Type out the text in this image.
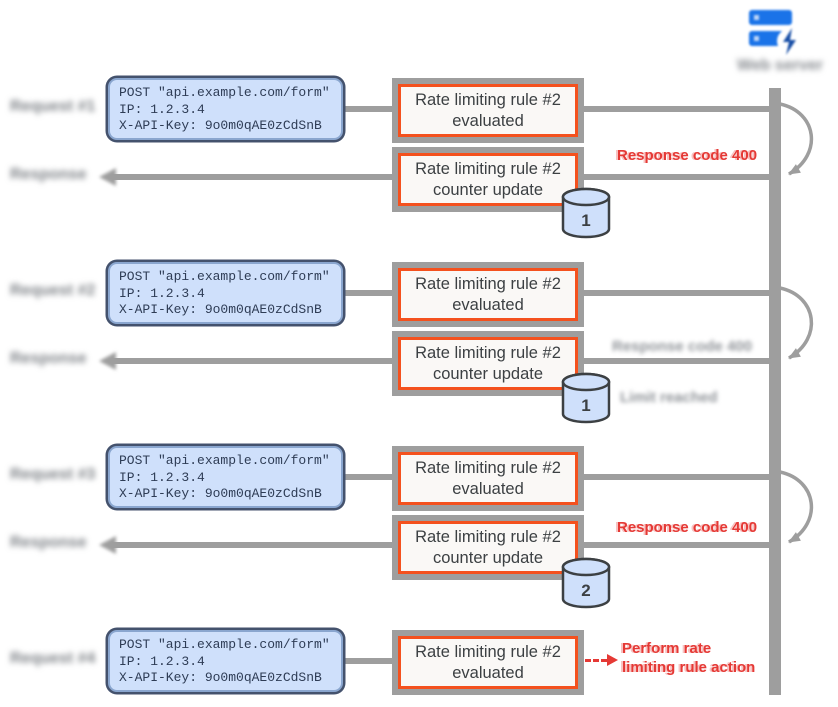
Web server
Request #1
POST "api.example.com/form"
IP: 1.2.3.4
X-API-Key: 9o0m0qAE0zCdSnB
Rate limiting rule #2
evaluated
Response	Rate limiting rule #2
counter update
Response code 400
1
Request #2
POST "api.example.com/form"
IP: 1.2.3.4
X-API-Key: 9o0m0qAE0zCdSnB
Rate limiting rule #2
evaluated
Response	Rate limiting rule #2
counter update
Response code 400
Limit reached
1
Request #3
POST "api.example.com/form"
IP: 1.2.3.4
X-API-Key: 9o0m0qAE0zCdSnB
Rate limiting rule #2
evaluated
Response	Rate limiting rule #2
counter update
Response code 400
2
Request #4
POST "api.example.com/form"
IP: 1.2.3.4
X-API-Key: 9o0m0qAE0zCdSnB
Rate limiting rule #2
evaluated
Perform rate
limiting rule action
